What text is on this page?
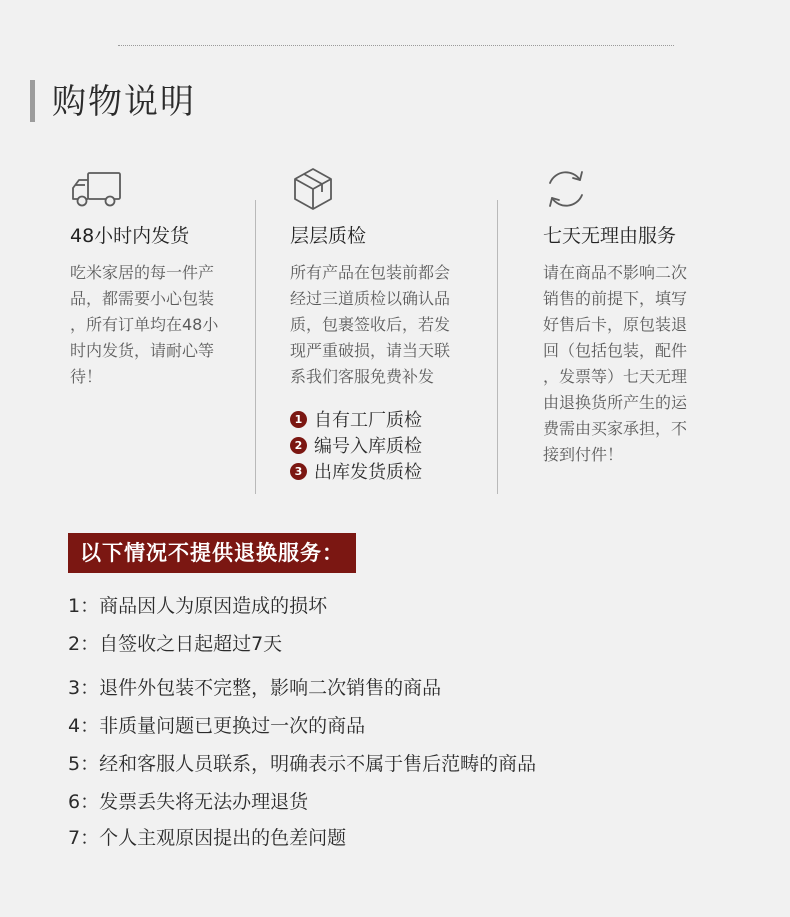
购物说明
48小时内发货
吃米家居的每一件产
品，都需要小心包装
，所有订单均在48小
时内发货，请耐心等
待！
层层质检
所有产品在包装前都会
经过三道质检以确认品
质，包裹签收后，若发
现严重破损，请当天联
系我们客服免费补发
1 自有工厂质检
2 编号入库质检
3 出库发货质检
七天无理由服务
请在商品不影响二次
销售的前提下，填写
好售后卡，原包装退
回（包括包装，配件
，发票等）七天无理
由退换货所产生的运
费需由买家承担，不
接到付件！
以下情况不提供退换服务：
1：商品因人为原因造成的损坏
2：自签收之日起超过7天
3：退件外包装不完整，影响二次销售的商品
4：非质量问题已更换过一次的商品
5：经和客服人员联系，明确表示不属于售后范畴的商品
6：发票丢失将无法办理退货
7：个人主观原因提出的色差问题
